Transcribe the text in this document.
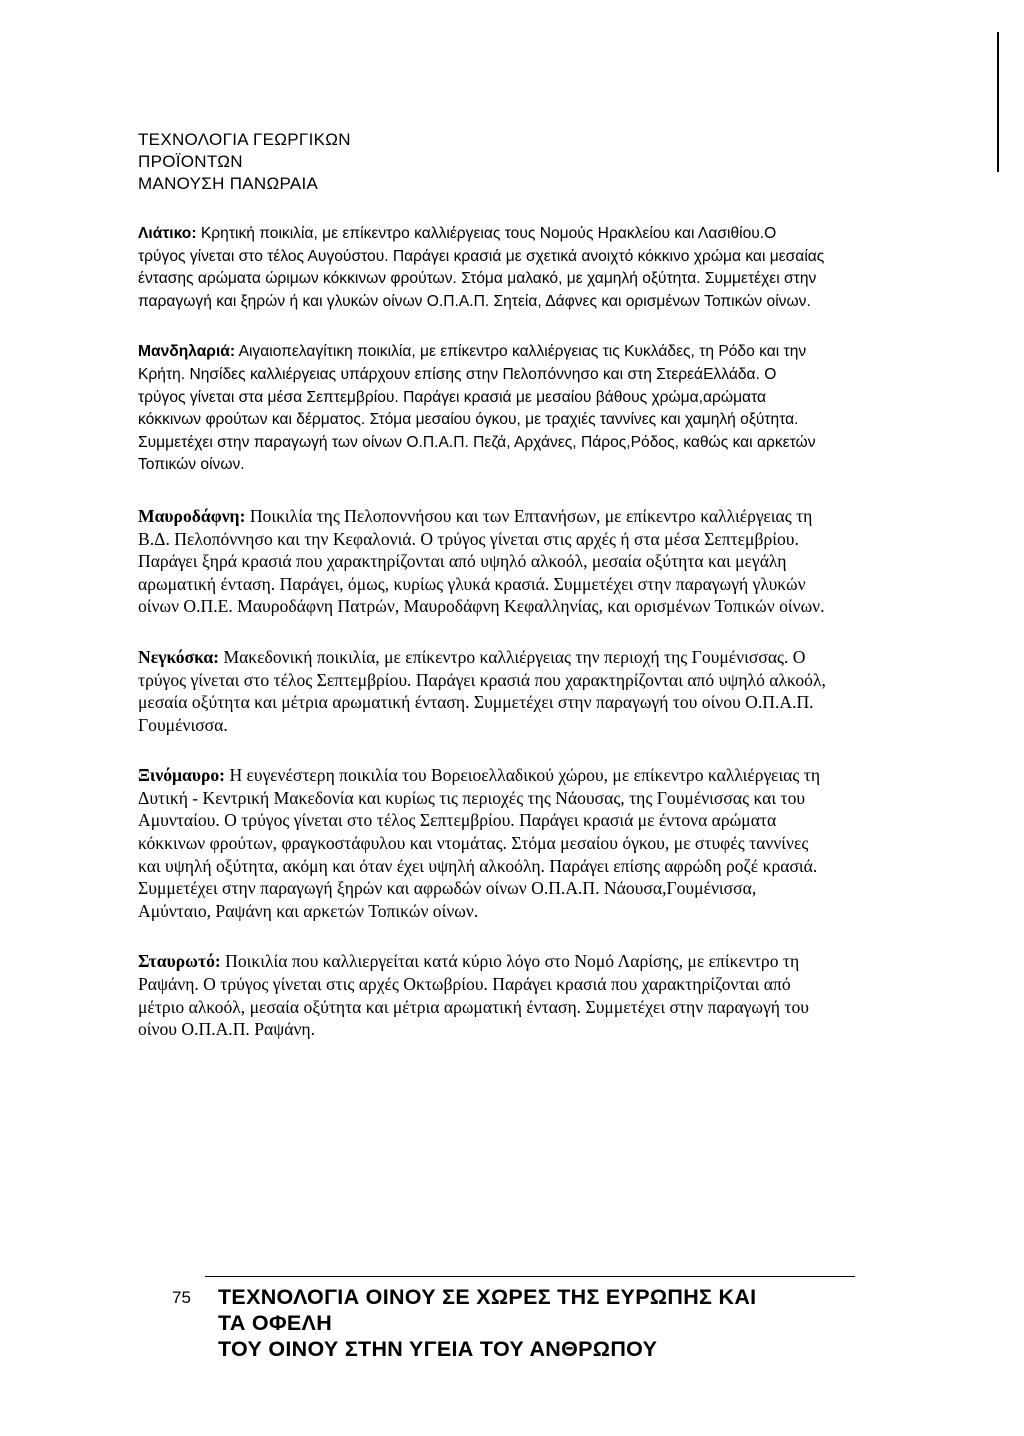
ΤΕΧΝΟΛΟΓΙΑ ΓΕΩΡΓΙΚΩΝ
ΠΡΟΪΟΝΤΩΝ
ΜΑΝΟΥΣΗ ΠΑΝΩΡΑΙΑ

Λιάτικο: Κρητική ποικιλία, με επίκεντρο καλλιέργειας τους Νομούς Ηρακλείου και Λασιθίου.Ο τρύγος γίνεται στο τέλος Αυγούστου. Παράγει κρασιά με σχετικά ανοιχτό κόκκινο χρώμα και μεσαίας έντασης αρώματα ώριμων κόκκινων φρούτων. Στόμα μαλακό, με χαμηλή οξύτητα. Συμμετέχει στην παραγωγή και ξηρών ή και γλυκών οίνων Ο.Π.Α.Π. Σητεία, Δάφνες και ορισμένων Τοπικών οίνων.

Μανδηλαριά: Αιγαιοπελαγίτικη ποικιλία, με επίκεντρο καλλιέργειας τις Κυκλάδες, τη Ρόδο και την Κρήτη. Νησίδες καλλιέργειας υπάρχουν επίσης στην Πελοπόννησο και στη ΣτερεάΕλλάδα. Ο τρύγος γίνεται στα μέσα Σεπτεμβρίου. Παράγει κρασιά με μεσαίου βάθους χρώμα,αρώματα κόκκινων φρούτων και δέρματος. Στόμα μεσαίου όγκου, με τραχιές ταννίνες και χαμηλή οξύτητα. Συμμετέχει στην παραγωγή των οίνων Ο.Π.Α.Π. Πεζά, Αρχάνες, Πάρος,Ρόδος, καθώς και αρκετών Τοπικών οίνων.

Μαυροδάφνη: Ποικιλία της Πελοποννήσου και των Επτανήσων, με επίκεντρο καλλιέργειας τη Β.Δ. Πελοπόννησο και την Κεφαλονιά. Ο τρύγος γίνεται στις αρχές ή στα μέσα Σεπτεμβρίου. Παράγει ξηρά κρασιά που χαρακτηρίζονται από υψηλό αλκοόλ, μεσαία οξύτητα και μεγάλη αρωματική ένταση. Παράγει, όμως, κυρίως γλυκά κρασιά. Συμμετέχει στην παραγωγή γλυκών οίνων Ο.Π.Ε. Μαυροδάφνη Πατρών, Μαυροδάφνη Κεφαλληνίας, και ορισμένων Τοπικών οίνων.

Νεγκόσκα: Μακεδονική ποικιλία, με επίκεντρο καλλιέργειας την περιοχή της Γουμένισσας. Ο τρύγος γίνεται στο τέλος Σεπτεμβρίου. Παράγει κρασιά που χαρακτηρίζονται από υψηλό αλκοόλ, μεσαία οξύτητα και μέτρια αρωματική ένταση. Συμμετέχει στην παραγωγή του οίνου Ο.Π.Α.Π. Γουμένισσα.

Ξινόμαυρο: Η ευγενέστερη ποικιλία του Βορειοελλαδικού χώρου, με επίκεντρο καλλιέργειας τη Δυτική - Κεντρική Μακεδονία και κυρίως τις περιοχές της Νάουσας, της Γουμένισσας και του Αμυνταίου. Ο τρύγος γίνεται στο τέλος Σεπτεμβρίου. Παράγει κρασιά με έντονα αρώματα κόκκινων φρούτων, φραγκοστάφυλου και ντομάτας. Στόμα μεσαίου όγκου, με στυφές ταννίνες και υψηλή οξύτητα, ακόμη και όταν έχει υψηλή αλκοόλη. Παράγει επίσης αφρώδη ροζέ κρασιά. Συμμετέχει στην παραγωγή ξηρών και αφρωδών οίνων Ο.Π.Α.Π. Νάουσα,Γουμένισσα, Αμύνταιο, Ραψάνη και αρκετών Τοπικών οίνων.

Σταυρωτό: Ποικιλία που καλλιεργείται κατά κύριο λόγο στο Νομό Λαρίσης, με επίκεντρο τη Ραψάνη. Ο τρύγος γίνεται στις αρχές Οκτωβρίου. Παράγει κρασιά που χαρακτηρίζονται από μέτριο αλκοόλ, μεσαία οξύτητα και μέτρια αρωματική ένταση. Συμμετέχει στην παραγωγή του οίνου Ο.Π.Α.Π. Ραψάνη.

75 ΤΕΧΝΟΛΟΓΙΑ ΟΙΝΟΥ ΣΕ ΧΩΡΕΣ ΤΗΣ ΕΥΡΩΠΗΣ ΚΑΙ
ΤΑ ΟΦΕΛΗ
ΤΟΥ ΟΙΝΟΥ ΣΤΗΝ ΥΓΕΙΑ ΤΟΥ ΑΝΘΡΩΠΟΥ
